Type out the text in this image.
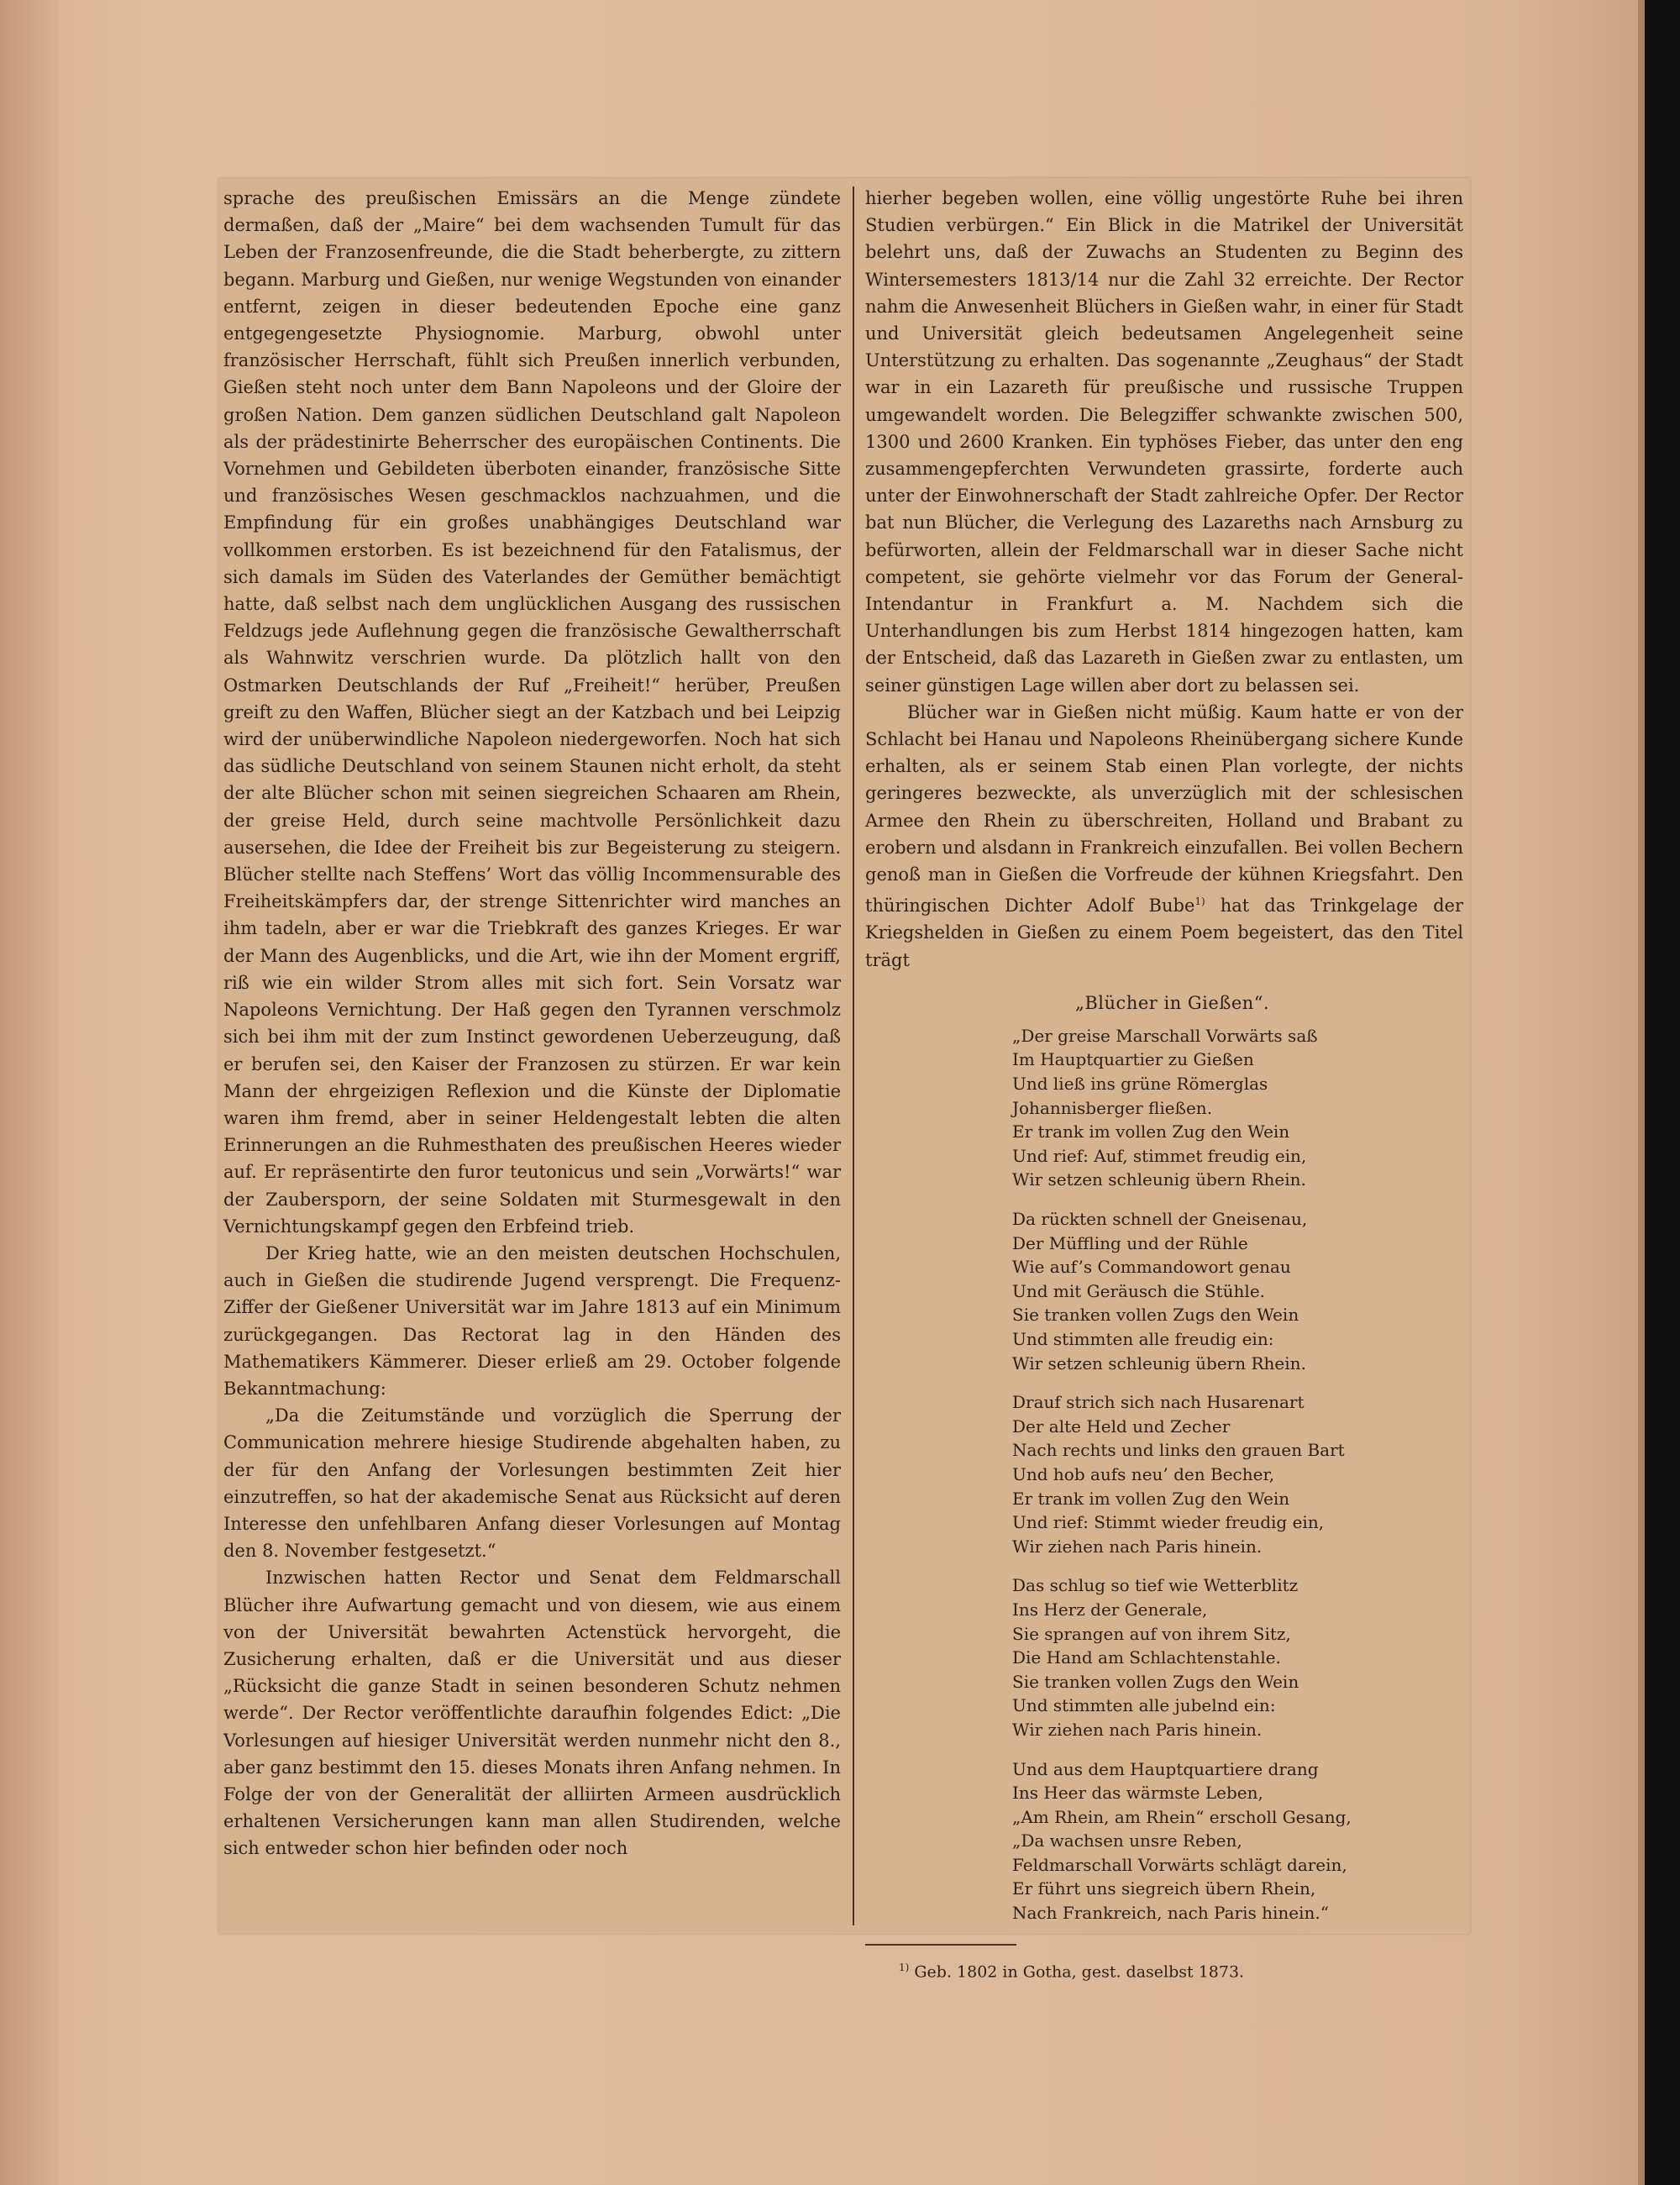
sprache des preußischen Emissärs an die Menge zündete dermaßen, daß der „Maire“ bei dem wachsenden Tumult für das Leben der Franzosenfreunde, die die Stadt beherbergte, zu zittern begann. Marburg und Gießen, nur wenige Wegstunden von einander entfernt, zeigen in dieser bedeutenden Epoche eine ganz entgegengesetzte Physiognomie. Marburg, obwohl unter französischer Herrschaft, fühlt sich Preußen innerlich verbunden, Gießen steht noch unter dem Bann Napoleons und der Gloire der großen Nation. Dem ganzen südlichen Deutschland galt Napoleon als der prädestinirte Beherrscher des europäischen Continents. Die Vornehmen und Gebildeten überboten einander, französische Sitte und französisches Wesen geschmacklos nachzuahmen, und die Empfindung für ein großes unabhängiges Deutschland war vollkommen erstorben. Es ist bezeichnend für den Fatalismus, der sich damals im Süden des Vaterlandes der Gemüther bemächtigt hatte, daß selbst nach dem unglücklichen Ausgang des russischen Feldzugs jede Auflehnung gegen die französische Gewaltherrschaft als Wahnwitz verschrien wurde. Da plötzlich hallt von den Ostmarken Deutschlands der Ruf „Freiheit!“ herüber, Preußen greift zu den Waffen, Blücher siegt an der Katzbach und bei Leipzig wird der unüberwindliche Napoleon niedergeworfen. Noch hat sich das südliche Deutschland von seinem Staunen nicht erholt, da steht der alte Blücher schon mit seinen siegreichen Schaaren am Rhein, der greise Held, durch seine machtvolle Persönlichkeit dazu ausersehen, die Idee der Freiheit bis zur Begeisterung zu steigern. Blücher stellte nach Steffens’ Wort das völlig Incommensurable des Freiheitskämpfers dar, der strenge Sittenrichter wird manches an ihm tadeln, aber er war die Triebkraft des ganzes Krieges. Er war der Mann des Augenblicks, und die Art, wie ihn der Moment ergriff, riß wie ein wilder Strom alles mit sich fort. Sein Vorsatz war Napoleons Vernichtung. Der Haß gegen den Tyrannen verschmolz sich bei ihm mit der zum Instinct gewordenen Ueberzeugung, daß er berufen sei, den Kaiser der Franzosen zu stürzen. Er war kein Mann der ehrgeizigen Reflexion und die Künste der Diplomatie waren ihm fremd, aber in seiner Heldengestalt lebten die alten Erinnerungen an die Ruhmesthaten des preußischen Heeres wieder auf. Er repräsentirte den furor teutonicus und sein „Vorwärts!“ war der Zaubersporn, der seine Soldaten mit Sturmesgewalt in den Vernichtungskampf gegen den Erbfeind trieb.

Der Krieg hatte, wie an den meisten deutschen Hochschulen, auch in Gießen die studirende Jugend versprengt. Die Frequenz-Ziffer der Gießener Universität war im Jahre 1813 auf ein Minimum zurückgegangen. Das Rectorat lag in den Händen des Mathematikers Kämmerer. Dieser erließ am 29. October folgende Bekanntmachung:

„Da die Zeitumstände und vorzüglich die Sperrung der Communication mehrere hiesige Studirende abgehalten haben, zu der für den Anfang der Vorlesungen bestimmten Zeit hier einzutreffen, so hat der akademische Senat aus Rücksicht auf deren Interesse den unfehlbaren Anfang dieser Vorlesungen auf Montag den 8. November festgesetzt.“

Inzwischen hatten Rector und Senat dem Feldmarschall Blücher ihre Aufwartung gemacht und von diesem, wie aus einem von der Universität bewahrten Actenstück hervorgeht, die Zusicherung erhalten, daß er die Universität und aus dieser „Rücksicht die ganze Stadt in seinen besonderen Schutz nehmen werde“. Der Rector veröffentlichte daraufhin folgendes Edict: „Die Vorlesungen auf hiesiger Universität werden nunmehr nicht den 8., aber ganz bestimmt den 15. dieses Monats ihren Anfang nehmen. In Folge der von der Generalität der alliirten Armeen ausdrücklich erhaltenen Versicherungen kann man allen Studirenden, welche sich entweder schon hier befinden oder noch

hierher begeben wollen, eine völlig ungestörte Ruhe bei ihren Studien verbürgen.“ Ein Blick in die Matrikel der Universität belehrt uns, daß der Zuwachs an Studenten zu Beginn des Wintersemesters 1813/14 nur die Zahl 32 erreichte. Der Rector nahm die Anwesenheit Blüchers in Gießen wahr, in einer für Stadt und Universität gleich bedeutsamen Angelegenheit seine Unterstützung zu erhalten. Das sogenannte „Zeughaus“ der Stadt war in ein Lazareth für preußische und russische Truppen umgewandelt worden. Die Belegziffer schwankte zwischen 500, 1300 und 2600 Kranken. Ein typhöses Fieber, das unter den eng zusammengepferchten Verwundeten grassirte, forderte auch unter der Einwohnerschaft der Stadt zahlreiche Opfer. Der Rector bat nun Blücher, die Verlegung des Lazareths nach Arnsburg zu befürworten, allein der Feldmarschall war in dieser Sache nicht competent, sie gehörte vielmehr vor das Forum der General-Intendantur in Frankfurt a. M. Nachdem sich die Unterhandlungen bis zum Herbst 1814 hingezogen hatten, kam der Entscheid, daß das Lazareth in Gießen zwar zu entlasten, um seiner günstigen Lage willen aber dort zu belassen sei.

Blücher war in Gießen nicht müßig. Kaum hatte er von der Schlacht bei Hanau und Napoleons Rheinübergang sichere Kunde erhalten, als er seinem Stab einen Plan vorlegte, der nichts geringeres bezweckte, als unverzüglich mit der schlesischen Armee den Rhein zu überschreiten, Holland und Brabant zu erobern und alsdann in Frankreich einzufallen. Bei vollen Bechern genoß man in Gießen die Vorfreude der kühnen Kriegsfahrt. Den thüringischen Dichter Adolf Bube$^{1)}$ hat das Trinkgelage der Kriegshelden in Gießen zu einem Poem begeistert, das den Titel trägt

„Blücher in Gießen“.
„Der greise Marschall Vorwärts saß
Im Hauptquartier zu Gießen
Und ließ ins grüne Römerglas
Johannisberger fließen.
Er trank im vollen Zug den Wein
Und rief: Auf, stimmet freudig ein,
Wir setzen schleunig übern Rhein.
Da rückten schnell der Gneisenau,
Der Müffling und der Rühle
Wie auf’s Commandowort genau
Und mit Geräusch die Stühle.
Sie tranken vollen Zugs den Wein
Und stimmten alle freudig ein:
Wir setzen schleunig übern Rhein.
Drauf strich sich nach Husarenart
Der alte Held und Zecher
Nach rechts und links den grauen Bart
Und hob aufs neu’ den Becher,
Er trank im vollen Zug den Wein
Und rief: Stimmt wieder freudig ein,
Wir ziehen nach Paris hinein.
Das schlug so tief wie Wetterblitz
Ins Herz der Generale,
Sie sprangen auf von ihrem Sitz,
Die Hand am Schlachtenstahle.
Sie tranken vollen Zugs den Wein
Und stimmten alle jubelnd ein:
Wir ziehen nach Paris hinein.
Und aus dem Hauptquartiere drang
Ins Heer das wärmste Leben,
„Am Rhein, am Rhein“ erscholl Gesang,
„Da wachsen unsre Reben,
Feldmarschall Vorwärts schlägt darein,
Er führt uns siegreich übern Rhein,
Nach Frankreich, nach Paris hinein.“
$^{1)}$ Geb. 1802 in Gotha, gest. daselbst 1873.
